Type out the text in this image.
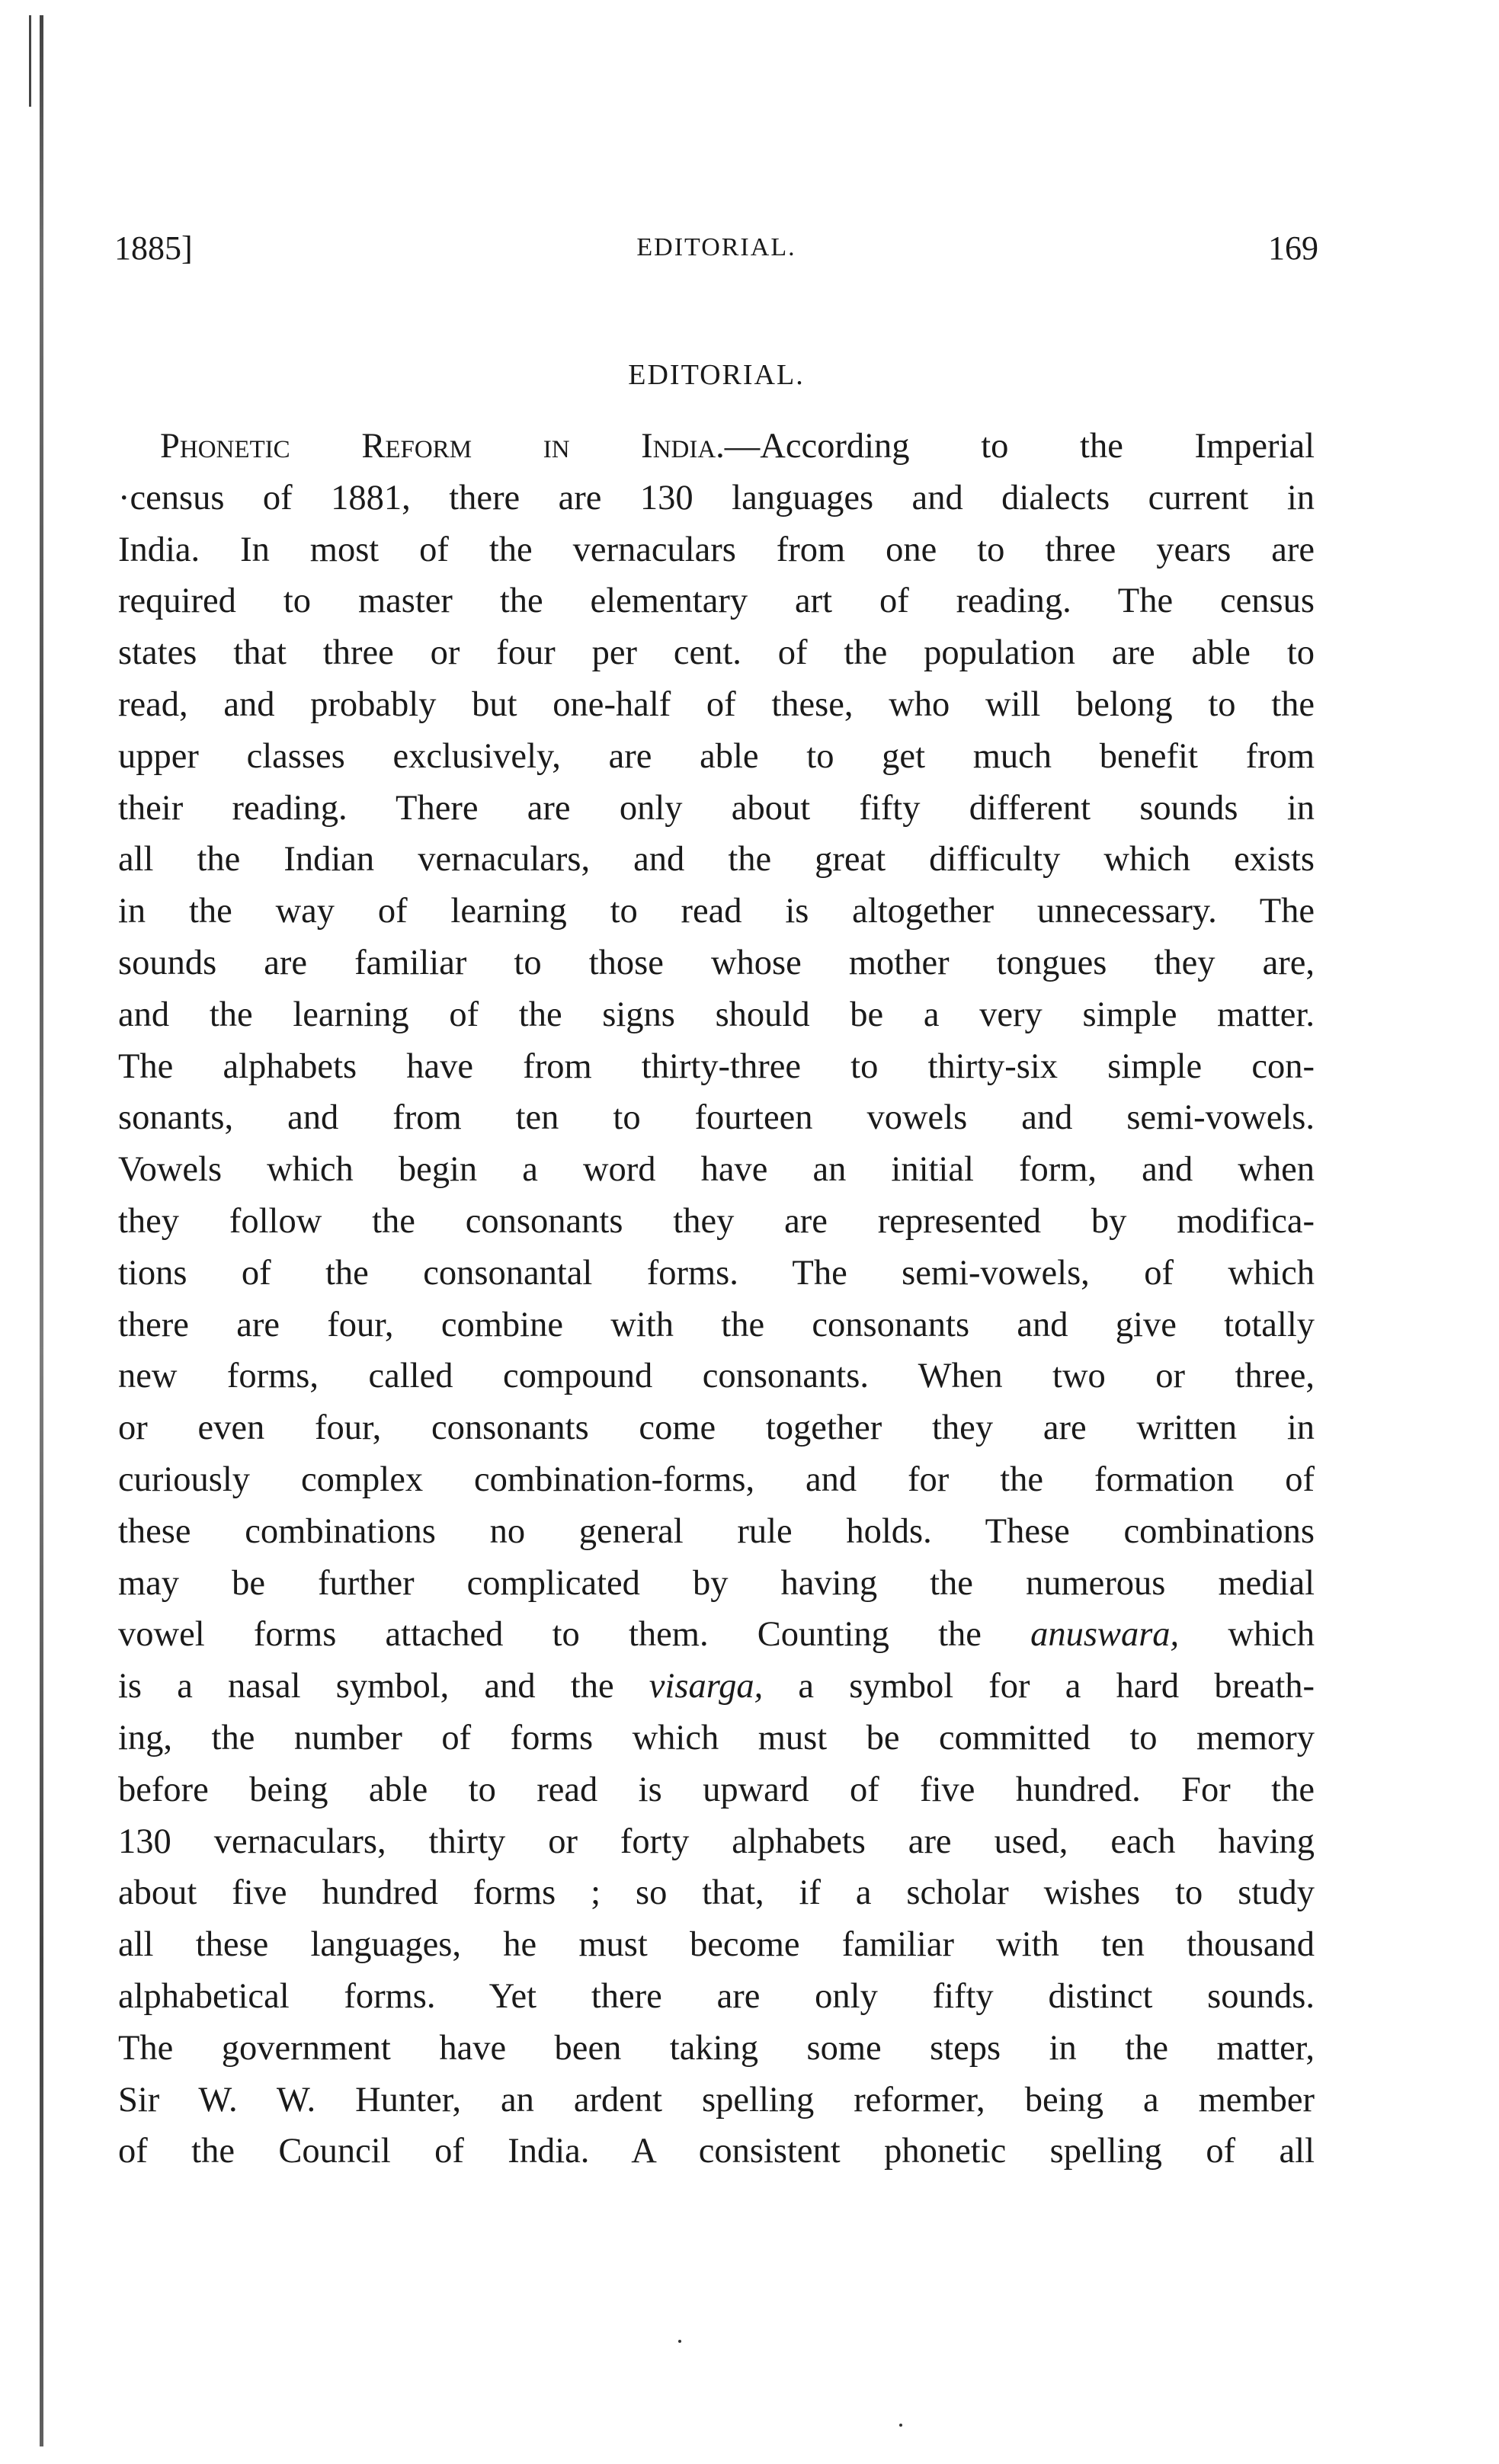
1885]	EDITORIAL.	169
EDITORIAL.
Phonetic Reform in India.—According to the Imperial
·census of 1881, there are 130 languages and dialects current in
India. In most of the vernaculars from one to three years are
required to master the elementary art of reading. The census
states that three or four per cent. of the population are able to
read, and probably but one-half of these, who will belong to the
upper classes exclusively, are able to get much benefit from
their reading. There are only about fifty different sounds in
all the Indian vernaculars, and the great difficulty which exists
in the way of learning to read is altogether unnecessary. The
sounds are familiar to those whose mother tongues they are,
and the learning of the signs should be a very simple matter.
The alphabets have from thirty-three to thirty-six simple con-
sonants, and from ten to fourteen vowels and semi-vowels.
Vowels which begin a word have an initial form, and when
they follow the consonants they are represented by modifica-
tions of the consonantal forms. The semi-vowels, of which
there are four, combine with the consonants and give totally
new forms, called compound consonants. When two or three,
or even four, consonants come together they are written in
curiously complex combination-forms, and for the formation of
these combinations no general rule holds. These combinations
may be further complicated by having the numerous medial
vowel forms attached to them. Counting the anuswara, which
is a nasal symbol, and the visarga, a symbol for a hard breath-
ing, the number of forms which must be committed to memory
before being able to read is upward of five hundred. For the
130 vernaculars, thirty or forty alphabets are used, each having
about five hundred forms ; so that, if a scholar wishes to study
all these languages, he must become familiar with ten thousand
alphabetical forms. Yet there are only fifty distinct sounds.
The government have been taking some steps in the matter,
Sir W. W. Hunter, an ardent spelling reformer, being a member
of the Council of India. A consistent phonetic spelling of all
